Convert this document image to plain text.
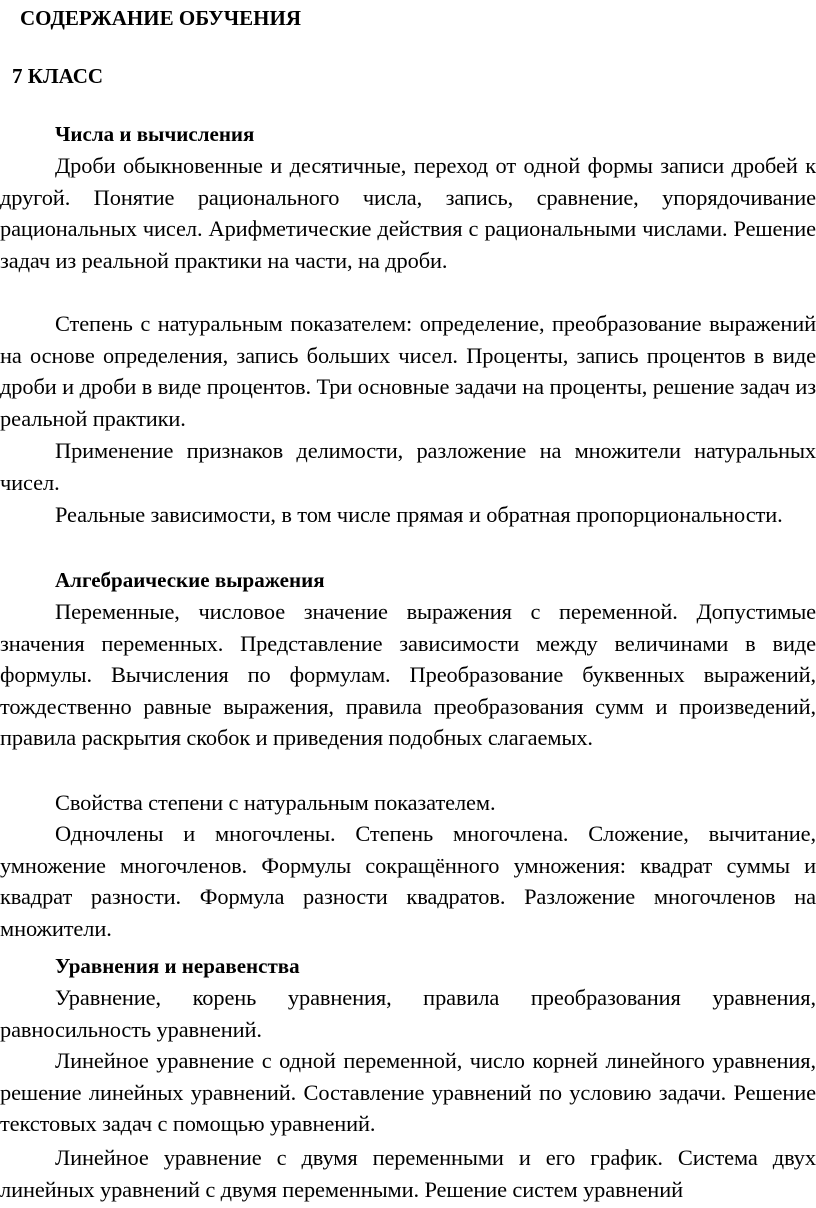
СОДЕРЖАНИЕ ОБУЧЕНИЯ
7 КЛАСС
Числа и вычисления

Дроби обыкновенные и десятичные, переход от одной формы записи дробей к другой. Понятие рационального числа, запись, сравнение, упорядочивание рациональных чисел. Арифметические действия с рациональными числами. Решение задач из реальной практики на части, на дроби.

Степень с натуральным показателем: определение, преобразование выражений на основе определения, запись больших чисел. Проценты, запись процентов в виде дроби и дроби в виде процентов. Три основные задачи на проценты, решение задач из реальной практики.

Применение признаков делимости, разложение на множители натуральных чисел.

Реальные зависимости, в том числе прямая и обратная пропорциональности.

Алгебраические выражения

Переменные, числовое значение выражения с переменной. Допустимые значения переменных. Представление зависимости между величинами в виде формулы. Вычисления по формулам. Преобразование буквенных выражений, тождественно равные выражения, правила преобразования сумм и произведений, правила раскрытия скобок и приведения подобных слагаемых.

Свойства степени с натуральным показателем.

Одночлены и многочлены. Степень многочлена. Сложение, вычитание, умножение многочленов. Формулы сокращённого умножения: квадрат суммы и квадрат разности. Формула разности квадратов. Разложение многочленов на множители.

Уравнения и неравенства

Уравнение, корень уравнения, правила преобразования уравнения, равносильность уравнений.

Линейное уравнение с одной переменной, число корней линейного уравнения, решение линейных уравнений. Составление уравнений по условию задачи. Решение текстовых задач с помощью уравнений.

Линейное уравнение с двумя переменными и его график. Система двух линейных уравнений с двумя переменными. Решение систем уравнений
